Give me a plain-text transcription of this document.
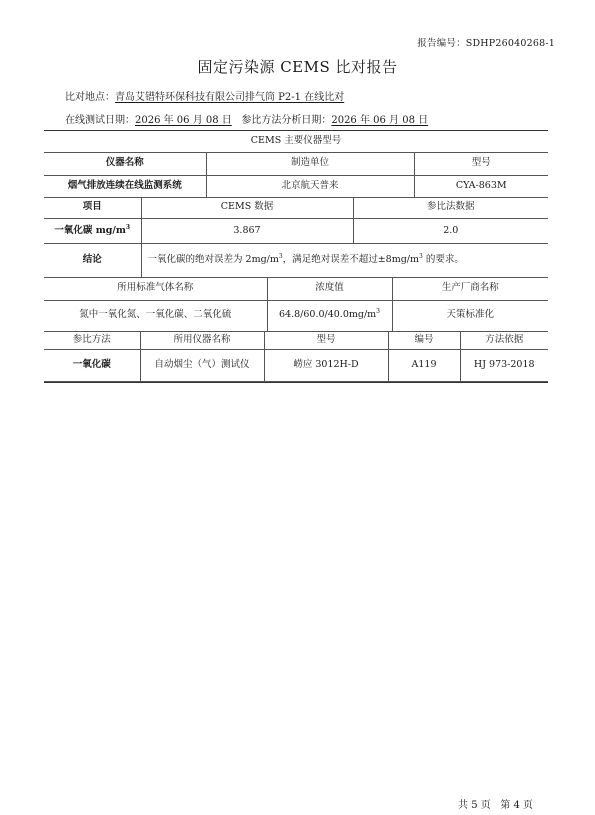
报告编号：SDHP26040268-1
固定污染源 CEMS 比对报告
比对地点：青岛艾镨特环保科技有限公司排气筒 P2-1 在线比对
在线测试日期：2026 年 06 月 08 日 参比方法分析日期：2026 年 06 月 08 日
CEMS 主要仪器型号		
仪器名称	制造单位	型号
烟气排放连续在线监测系统	北京航天普来	CYA-863M
项目	CEMS 数据	参比法数据
一氧化碳 $mg/m^3$	3.867	2.0
结论	一氧化碳的绝对误差为 $2mg/m^3$，满足绝对误差不超过$\pm 8mg/m^3$ 的要求。	
所用标准气体名称	浓度值	生产厂商名称
氮中一氧化氮、一氧化碳、二氧化硫	$64.8/60.0/40.0mg/m^3$	天策标准化
参比方法	所用仪器名称	型号	编号	方法依据
一氧化碳	自动烟尘（气）测试仪	崂应 3012H-D	A119	HJ 973-2018
共 5 页   第 4 页
